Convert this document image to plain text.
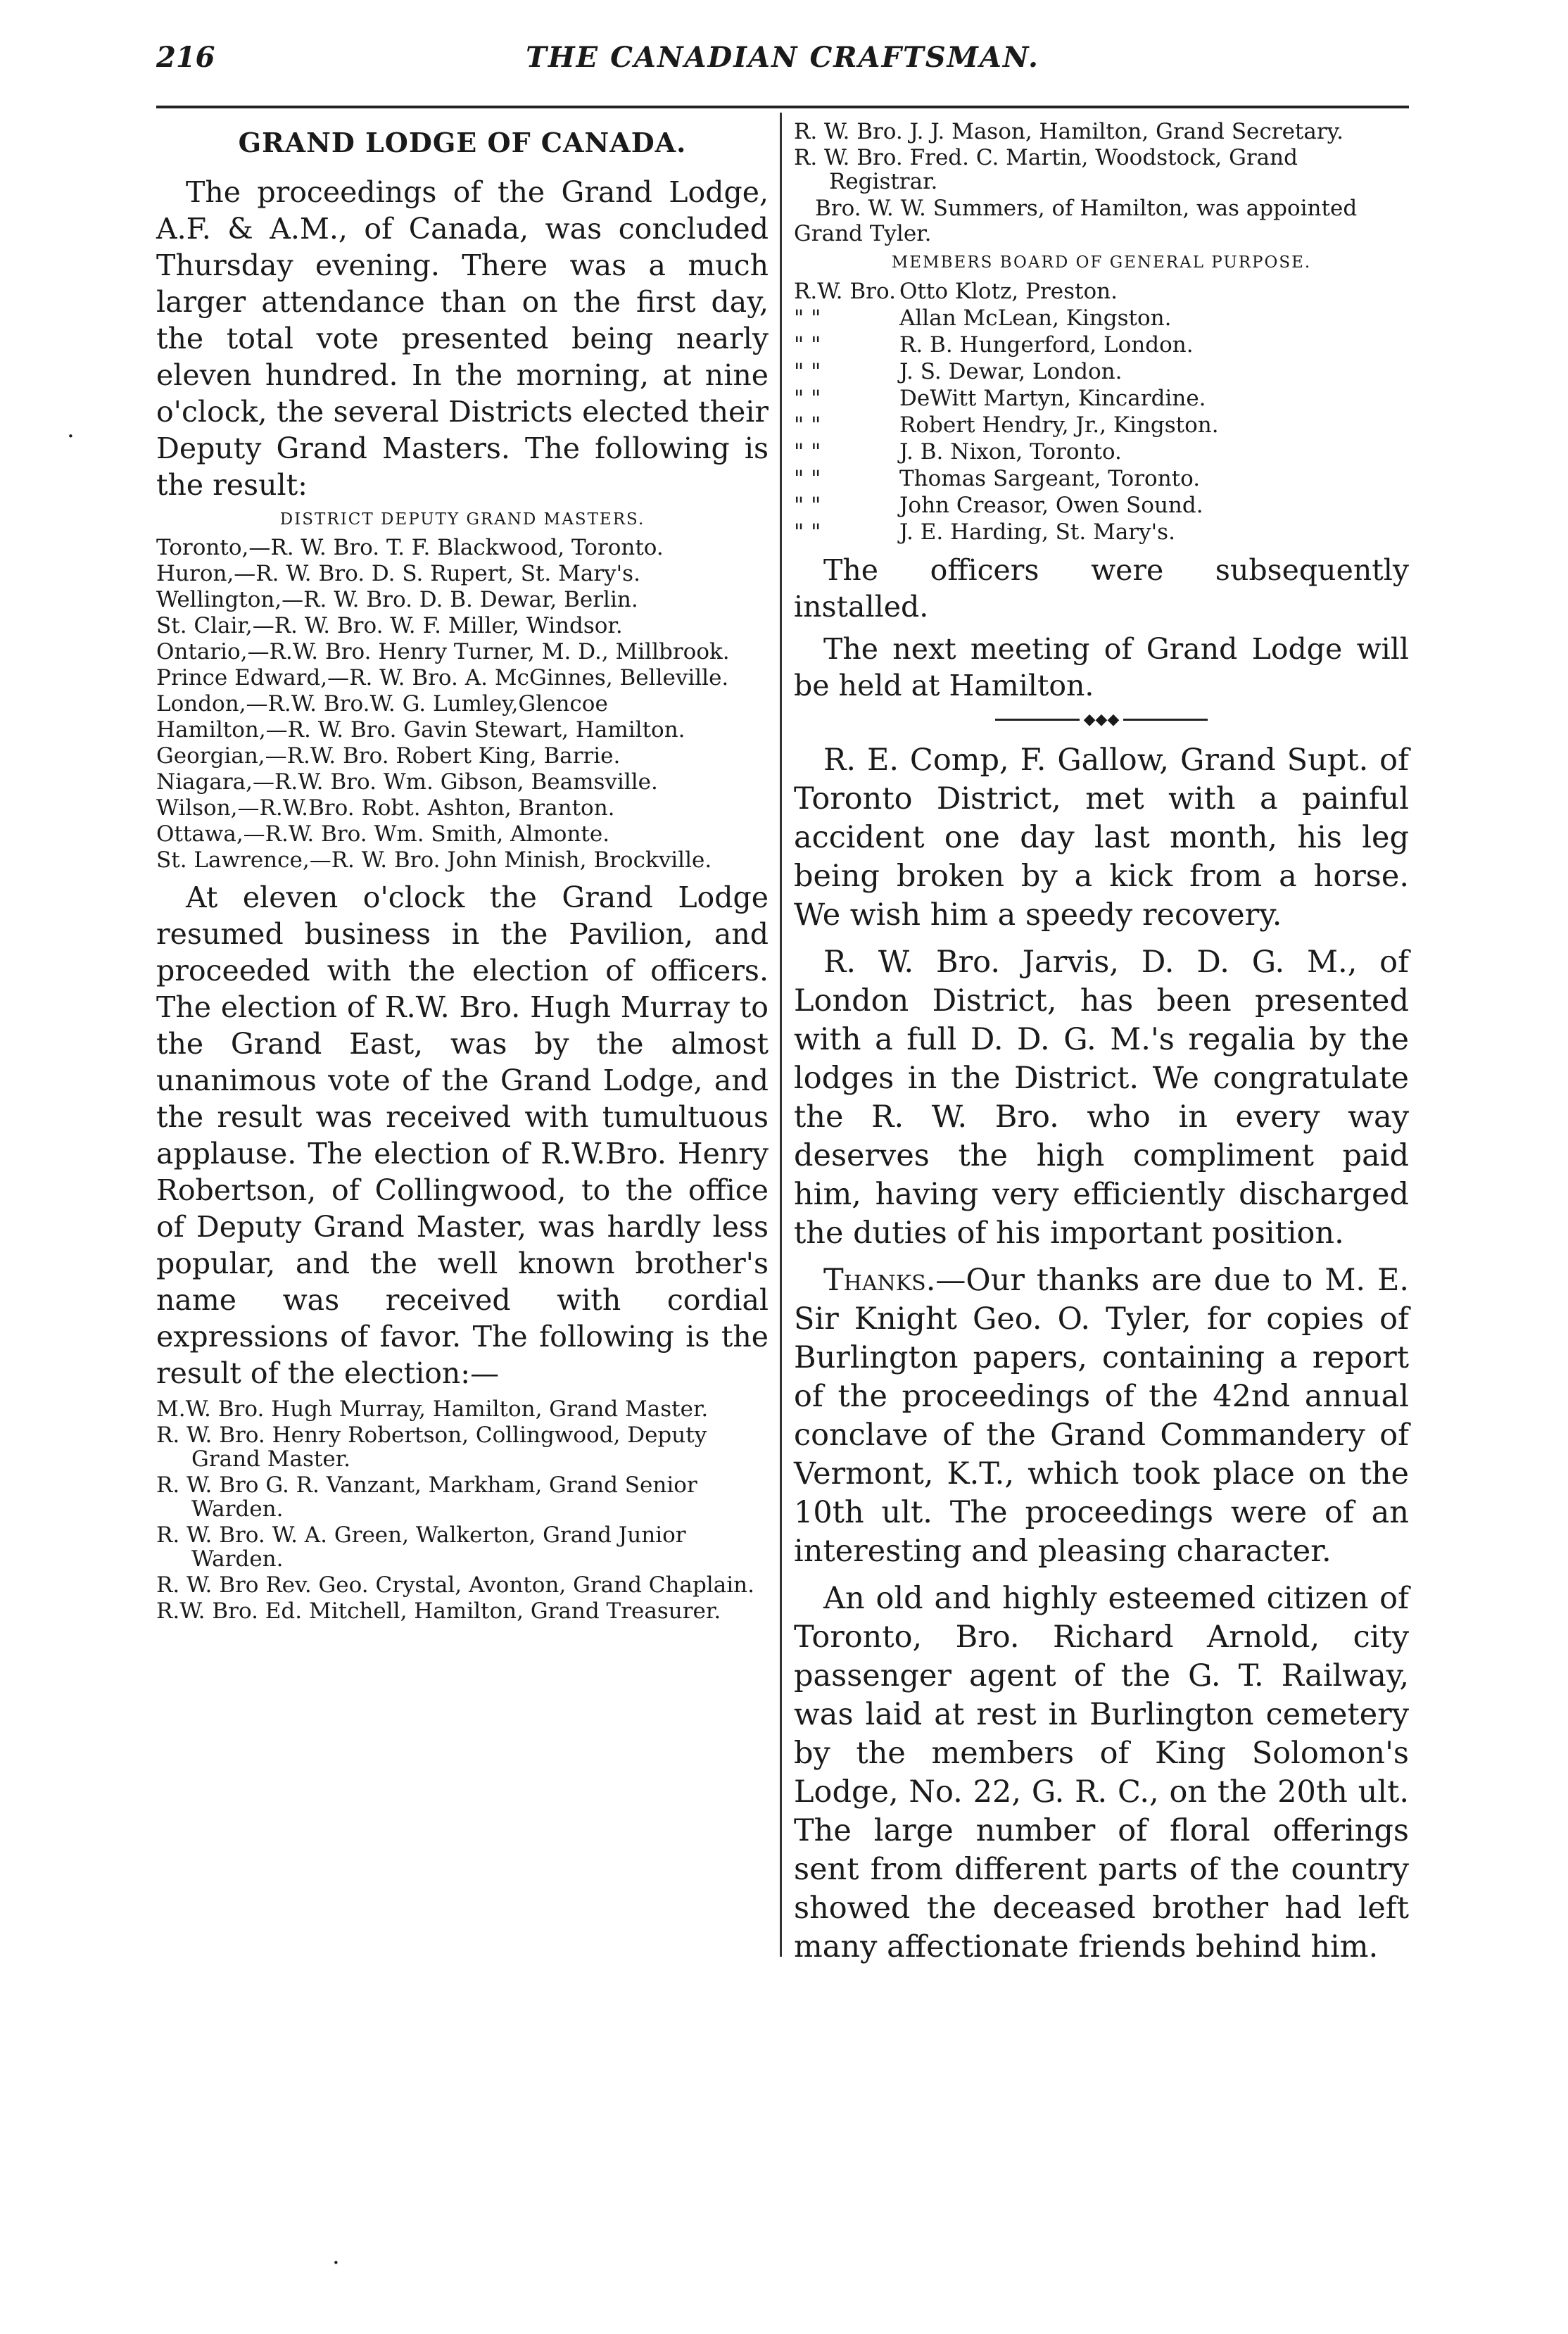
216	THE CANADIAN CRAFTSMAN.
GRAND LODGE OF CANADA.
The proceedings of the Grand Lodge, A.F. & A.M., of Canada, was concluded Thursday evening. There was a much larger attendance than on the first day, the total vote presented being nearly eleven hundred. In the morning, at nine o'clock, the several Districts elected their Deputy Grand Masters. The following is the result:
DISTRICT DEPUTY GRAND MASTERS.
Toronto,—R. W. Bro. T. F. Blackwood, Toronto.
Huron,—R. W. Bro. D. S. Rupert, St. Mary's.
Wellington,—R. W. Bro. D. B. Dewar, Berlin.
St. Clair,—R. W. Bro. W. F. Miller, Windsor.
Ontario,—R.W. Bro. Henry Turner, M. D., Millbrook.
Prince Edward,—R. W. Bro. A. McGinnes, Belleville.
London,—R.W. Bro.W. G. Lumley,Glencoe
Hamilton,—R. W. Bro. Gavin Stewart, Hamilton.
Georgian,—R.W. Bro. Robert King, Barrie.
Niagara,—R.W. Bro. Wm. Gibson, Beamsville.
Wilson,—R.W.Bro. Robt. Ashton, Branton.
Ottawa,—R.W. Bro. Wm. Smith, Almonte.
St. Lawrence,—R. W. Bro. John Minish, Brockville.
At eleven o'clock the Grand Lodge resumed business in the Pavilion, and proceeded with the election of officers. The election of R.W. Bro. Hugh Murray to the Grand East, was by the almost unanimous vote of the Grand Lodge, and the result was received with tumultuous applause. The election of R.W.Bro. Henry Robertson, of Collingwood, to the office of Deputy Grand Master, was hardly less popular, and the well known brother's name was received with cordial expressions of favor. The following is the result of the election:—
M.W. Bro. Hugh Murray, Hamilton, Grand Master.
R. W. Bro. Henry Robertson, Collingwood, Deputy Grand Master.
R. W. Bro G. R. Vanzant, Markham, Grand Senior Warden.
R. W. Bro. W. A. Green, Walkerton, Grand Junior Warden.
R. W. Bro Rev. Geo. Crystal, Avonton, Grand Chaplain.
R.W. Bro. Ed. Mitchell, Hamilton, Grand Treasurer.
R. W. Bro. J. J. Mason, Hamilton, Grand Secretary.
R. W. Bro. Fred. C. Martin, Woodstock, Grand Registrar.
Bro. W. W. Summers, of Hamilton, was appointed Grand Tyler.
MEMBERS BOARD OF GENERAL PURPOSE.
R.W. Bro. Otto Klotz, Preston.
" "	Allan McLean, Kingston.
" "	R. B. Hungerford, London.
" "	J. S. Dewar, London.
" "	DeWitt Martyn, Kincardine.
" "	Robert Hendry, Jr., Kingston.
" "	J. B. Nixon, Toronto.
" "	Thomas Sargeant, Toronto.
" "	John Creasor, Owen Sound.
" "	J. E. Harding, St. Mary's.
The officers were subsequently installed.
The next meeting of Grand Lodge will be held at Hamilton.
◆◆◆
R. E. Comp, F. Gallow, Grand Supt. of Toronto District, met with a painful accident one day last month, his leg being broken by a kick from a horse. We wish him a speedy recovery.
R. W. Bro. Jarvis, D. D. G. M., of London District, has been presented with a full D. D. G. M.'s regalia by the lodges in the District. We congratulate the R. W. Bro. who in every way deserves the high compliment paid him, having very efficiently discharged the duties of his important position.
Thanks.—Our thanks are due to M. E. Sir Knight Geo. O. Tyler, for copies of Burlington papers, containing a report of the proceedings of the 42nd annual conclave of the Grand Commandery of Vermont, K.T., which took place on the 10th ult. The proceedings were of an interesting and pleasing character.
An old and highly esteemed citizen of Toronto, Bro. Richard Arnold, city passenger agent of the G. T. Railway, was laid at rest in Burlington cemetery by the members of King Solomon's Lodge, No. 22, G. R. C., on the 20th ult. The large number of floral offerings sent from different parts of the country showed the deceased brother had left many affectionate friends behind him.
·
·
